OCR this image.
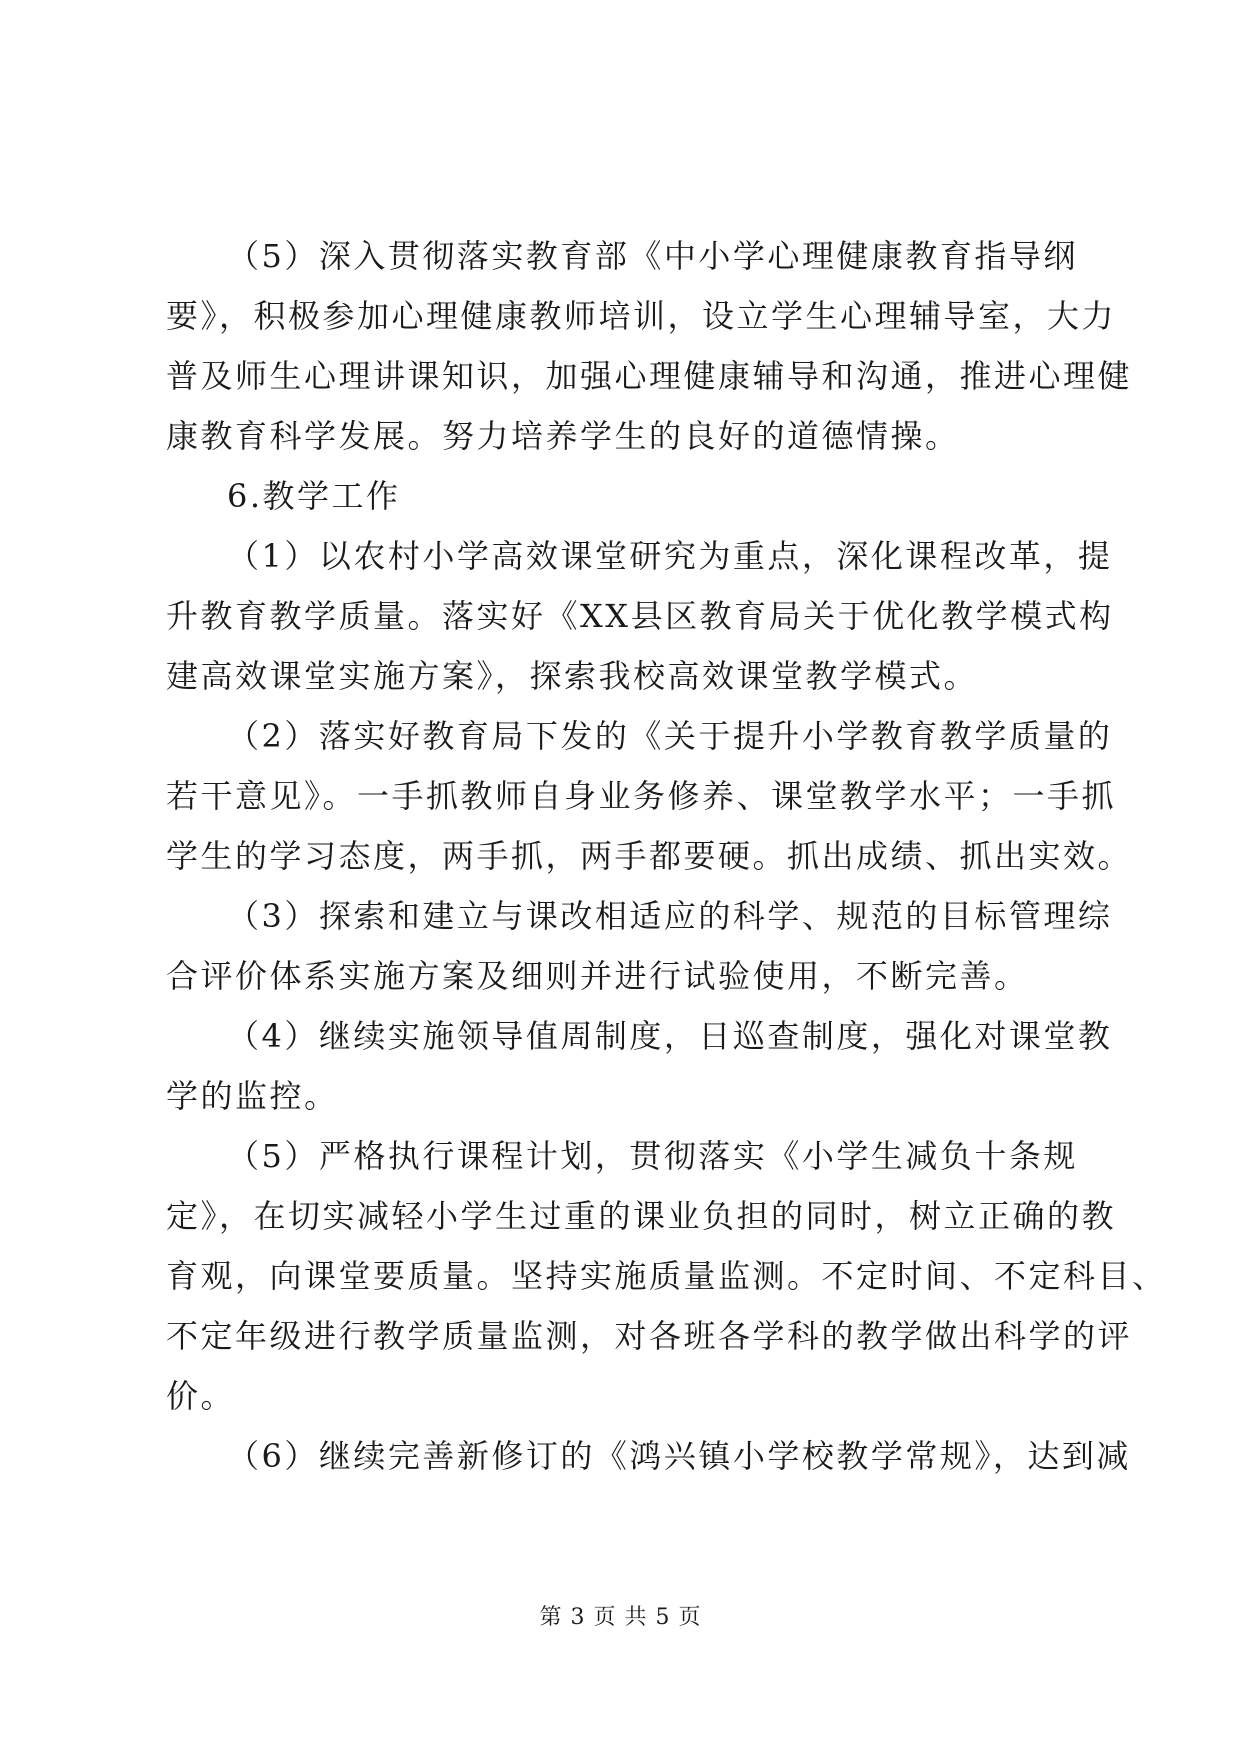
（5）深入贯彻落实教育部《中小学心理健康教育指导纲
要》，积极参加心理健康教师培训，设立学生心理辅导室，大力
普及师生心理讲课知识，加强心理健康辅导和沟通，推进心理健
康教育科学发展。努力培养学生的良好的道德情操。
6.教学工作
（1）以农村小学高效课堂研究为重点，深化课程改革，提
升教育教学质量。落实好《XX县区教育局关于优化教学模式构
建高效课堂实施方案》，探索我校高效课堂教学模式。
（2）落实好教育局下发的《关于提升小学教育教学质量的
若干意见》。一手抓教师自身业务修养、课堂教学水平；一手抓
学生的学习态度，两手抓，两手都要硬。抓出成绩、抓出实效。
（3）探索和建立与课改相适应的科学、规范的目标管理综
合评价体系实施方案及细则并进行试验使用，不断完善。
（4）继续实施领导值周制度，日巡查制度，强化对课堂教
学的监控。
（5）严格执行课程计划，贯彻落实《小学生减负十条规
定》，在切实减轻小学生过重的课业负担的同时，树立正确的教
育观，向课堂要质量。坚持实施质量监测。不定时间、不定科目、
不定年级进行教学质量监测，对各班各学科的教学做出科学的评
价。
（6）继续完善新修订的《鸿兴镇小学校教学常规》，达到减
第 3 页 共 5 页
